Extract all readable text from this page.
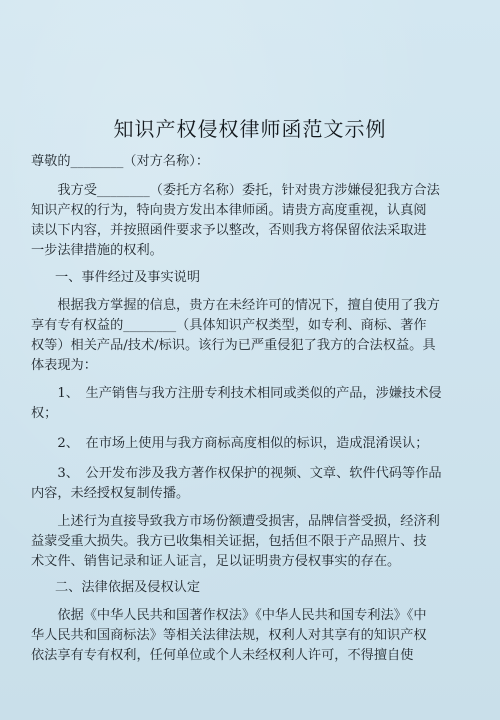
知识产权侵权律师函范文示例
尊敬的________（对方名称）：
　　我方受________（委托方名称）委托，针对贵方涉嫌侵犯我方合法
知识产权的行为，特向贵方发出本律师函。请贵方高度重视，认真阅
读以下内容，并按照函件要求予以整改，否则我方将保留依法采取进
一步法律措施的权利。
一、事件经过及事实说明
　　根据我方掌握的信息，贵方在未经许可的情况下，擅自使用了我方
享有专有权益的________（具体知识产权类型，如专利、商标、著作
权等）相关产品/技术/标识。该行为已严重侵犯了我方的合法权益。具
体表现为：
　　1、　生产销售与我方注册专利技术相同或类似的产品，涉嫌技术侵
权；
　　2、　在市场上使用与我方商标高度相似的标识，造成混淆误认；
　　3、　公开发布涉及我方著作权保护的视频、文章、软件代码等作品
内容，未经授权复制传播。
　　上述行为直接导致我方市场份额遭受损害，品牌信誉受损，经济利
益蒙受重大损失。我方已收集相关证据，包括但不限于产品照片、技
术文件、销售记录和证人证言，足以证明贵方侵权事实的存在。
二、法律依据及侵权认定
　　依据《中华人民共和国著作权法》《中华人民共和国专利法》《中
华人民共和国商标法》等相关法律法规，权利人对其享有的知识产权
依法享有专有权利，任何单位或个人未经权利人许可，不得擅自使
